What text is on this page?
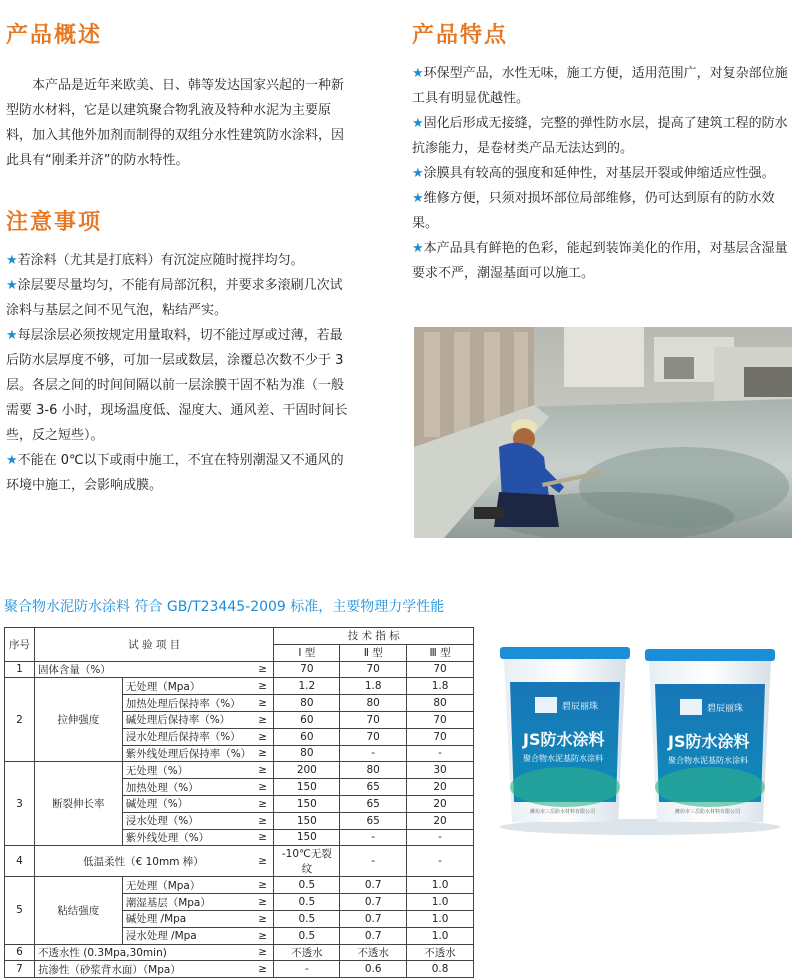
产品概述

本产品是近年来欧美、日、韩等发达国家兴起的一种新型防水材料，它是以建筑聚合物乳液及特种水泥为主要原料，加入其他外加剂而制得的双组分水性建筑防水涂料，因此具有“刚柔并济”的防水特性。

注意事项

★若涂料（尤其是打底料）有沉淀应随时搅拌均匀。

★涂层要尽量均匀，不能有局部沉积，并要求多滚刷几次试涂料与基层之间不见气泡，粘结严实。

★每层涂层必须按规定用量取料，切不能过厚或过薄，若最后防水层厚度不够，可加一层或数层，涂覆总次数不少于 3 层。各层之间的时间间隔以前一层涂膜干固不粘为准（一般需要 3-6 小时，现场温度低、湿度大、通风差、干固时间长些，反之短些）。

★不能在 0℃以下或雨中施工，不宜在特别潮湿又不通风的环境中施工，会影响成膜。

产品特点

★环保型产品，水性无味，施工方便，适用范围广，对复杂部位施工具有明显优越性。

★固化后形成无接缝，完整的弹性防水层，提高了建筑工程的防水抗渗能力，是卷材类产品无法达到的。

★涂膜具有较高的强度和延伸性，对基层开裂或伸缩适应性强。

★维修方便，只须对损坏部位局部维修，仍可达到原有的防水效果。

★本产品具有鲜艳的色彩，能起到装饰美化的作用，对基层含湿量要求不严，潮湿基面可以施工。

聚合物水泥防水涂料 符合 GB/T23445-2009 标准，主要物理力学性能
序号	试 验 项 目			技 术 指 标		
				I 型	Ⅱ 型	Ⅲ 型
1	固体含量（%）		≥	70	70	70
2	拉伸强度	无处理（Mpa）	≥	1.2	1.8	1.8
		加热处理后保持率（%）	≥	80	80	80
		碱处理后保持率（%）	≥	60	70	70
		浸水处理后保持率（%）	≥	60	70	70
		紫外线处理后保持率（%）	≥	80	-	-
3	断裂伸长率	无处理（%）	≥	200	80	30
		加热处理（%）	≥	150	65	20
		碱处理（%）	≥	150	65	20
		浸水处理（%）	≥	150	65	20
		紫外线处理（%）	≥	150	-	-
4	低温柔性（€ 10mm 棒）		≥	-10℃无裂纹	-	-
5	粘结强度	无处理（Mpa）	≥	0.5	0.7	1.0
		潮湿基层（Mpa）	≥	0.5	0.7	1.0
		碱处理 /Mpa	≥	0.5	0.7	1.0
		浸水处理 /Mpa	≥	0.5	0.7	1.0
6	不透水性 (0.3Mpa,30min)		≥	不透水	不透水	不透水
7	抗渗性（砂浆背水面）（Mpa）		≥	-	0.6	0.8
碧辰丽珠
JS防水涂料
聚合物水泥基防水涂料
潍坊市三岳防水材料有限公司
碧辰丽珠
JS防水涂料
聚合物水泥基防水涂料
潍坊市三岳防水材料有限公司
